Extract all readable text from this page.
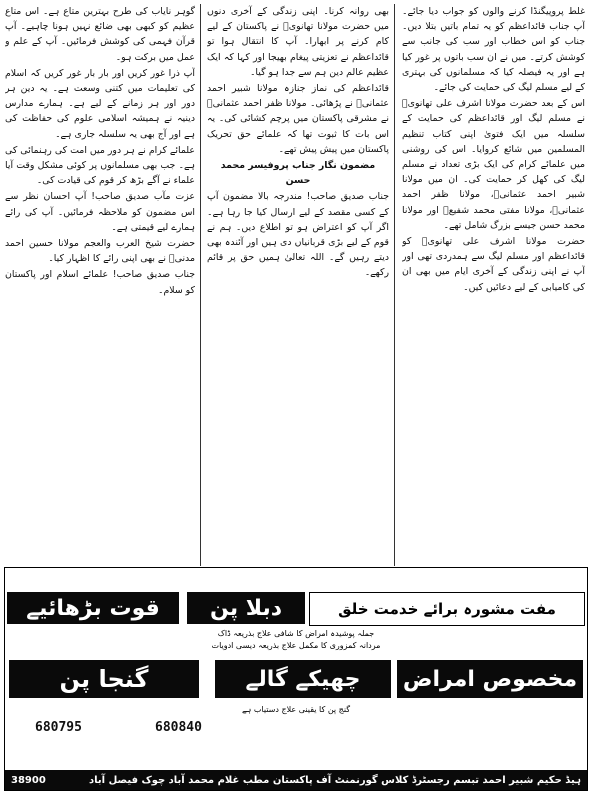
غلط پروپیگنڈا کرنے والوں کو جواب دیا جائے۔ آپ جناب قائداعظم کو یہ تمام باتیں بتلا دیں۔ جناب کو اس خطاب اور سب کی جانب سے کوشش کرتے۔ میں نے ان سب باتوں پر غور کیا ہے اور یہ فیصلہ کیا کہ مسلمانوں کی بہتری کے لیے مسلم لیگ کی حمایت کی جائے۔

اس کے بعد حضرت مولانا اشرف علی تھانویؒ نے مسلم لیگ اور قائداعظم کی حمایت کے سلسلہ میں ایک فتویٰ اپنی کتاب تنظیم المسلمین میں شائع کروایا۔ اس کی روشنی میں علمائے کرام کی ایک بڑی تعداد نے مسلم لیگ کی کھل کر حمایت کی۔ ان میں مولانا شبیر احمد عثمانیؒ، مولانا ظفر احمد عثمانیؒ، مولانا مفتی محمد شفیعؒ اور مولانا محمد حسن جیسے بزرگ شامل تھے۔

حضرت مولانا اشرف علی تھانویؒ کو قائداعظم اور مسلم لیگ سے ہمدردی تھی اور آپ نے اپنی زندگی کے آخری ایام میں بھی ان کی کامیابی کے لیے دعائیں کیں۔

بھی روانہ کرنا۔ اپنی زندگی کے آخری دنوں میں حضرت مولانا تھانویؒ نے پاکستان کے لیے کام کرنے پر ابھارا۔ آپ کا انتقال ہوا تو قائداعظم نے تعزیتی پیغام بھیجا اور کہا کہ ایک عظیم عالم دین ہم سے جدا ہو گیا۔

قائداعظم کی نماز جنازہ مولانا شبیر احمد عثمانیؒ نے پڑھائی۔ مولانا ظفر احمد عثمانیؒ نے مشرقی پاکستان میں پرچم کشائی کی۔ یہ اس بات کا ثبوت تھا کہ علمائے حق تحریک پاکستان میں پیش پیش تھے۔

مضمون نگار جناب پروفیسر محمد حسن

جناب صدیق صاحب! مندرجہ بالا مضمون آپ کے کسی مقصد کے لیے ارسال کیا جا رہا ہے۔ اگر آپ کو اعتراض ہو تو اطلاع دیں۔ ہم نے قوم کے لیے بڑی قربانیاں دی ہیں اور آئندہ بھی دیتے رہیں گے۔ اللہ تعالیٰ ہمیں حق پر قائم رکھے۔

گوہر نایاب کی طرح بہترین متاع ہے۔ اس متاع عظیم کو کبھی بھی ضائع نہیں ہونا چاہیے۔ آپ قرآن فہمی کی کوشش فرمائیں۔ آپ کے علم و عمل میں برکت ہو۔

آپ ذرا غور کریں اور بار بار غور کریں کہ اسلام کی تعلیمات میں کتنی وسعت ہے۔ یہ دین ہر دور اور ہر زمانے کے لیے ہے۔ ہمارے مدارس دینیہ نے ہمیشہ اسلامی علوم کی حفاظت کی ہے اور آج بھی یہ سلسلہ جاری ہے۔

علمائے کرام نے ہر دور میں امت کی رہنمائی کی ہے۔ جب بھی مسلمانوں پر کوئی مشکل وقت آیا علماء نے آگے بڑھ کر قوم کی قیادت کی۔

عزت مآب صدیق صاحب! آپ احسان نظر سے اس مضمون کو ملاحظہ فرمائیں۔ آپ کی رائے ہمارے لیے قیمتی ہے۔

حضرت شیخ العرب والعجم مولانا حسین احمد مدنیؒ نے بھی اپنی رائے کا اظہار کیا۔

جناب صدیق صاحب! علمائے اسلام اور پاکستان کو سلام۔

قوت بڑھائیے دبلا پن	مفت مشورہ برائے خدمت خلق
جملہ پوشیدہ امراض کا شافی علاج بذریعہ ڈاک
مردانہ کمزوری کا مکمل علاج بذریعہ دیسی ادویات
مخصوص امراض
چھیکے گالے
گنجا پن
گنج پن کا یقینی علاج دستیاب ہے
680840
680795
ہیڈ حکیم شبیر احمد تبسم رجسٹرڈ کلاس گورنمنٹ آف پاکستان مطب غلام محمد آباد چوک فیصل آباد
38900
